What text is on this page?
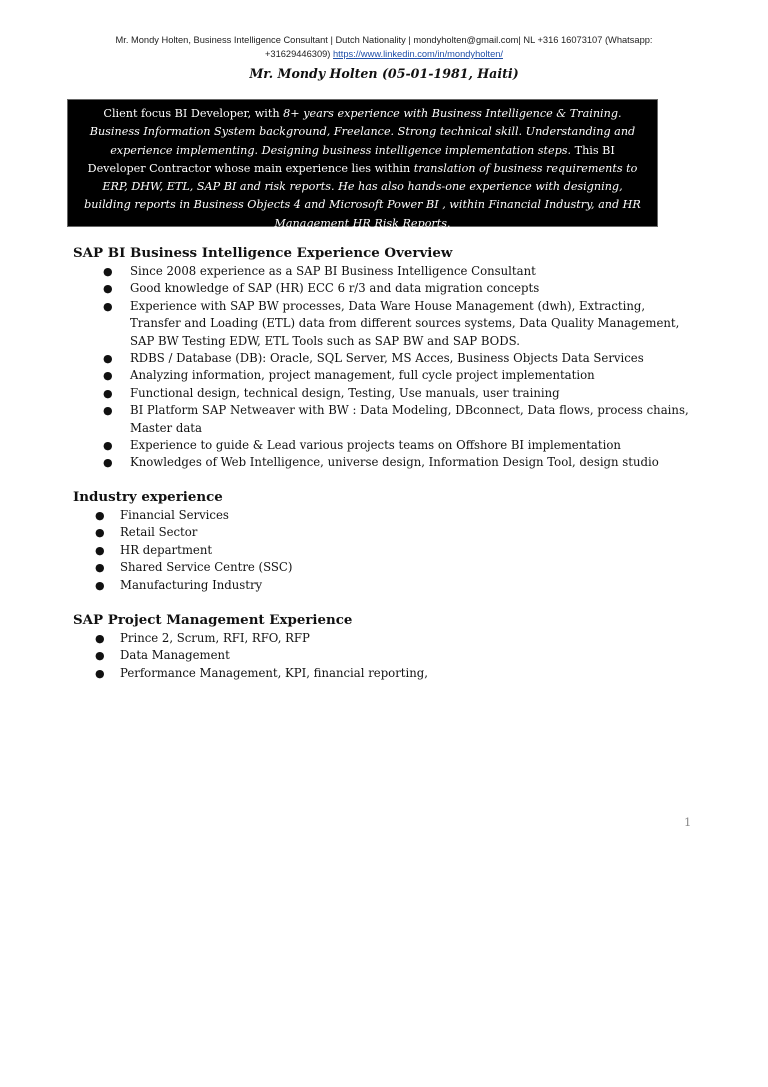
Mr. Mondy Holten, Business Intelligence Consultant | Dutch Nationality | mondyholten@gmail.com| NL +316 16073107 (Whatsapp:
+31629446309) https://www.linkedin.com/in/mondyholten/
Mr. Mondy Holten (05-01-1981, Haiti)
Client focus BI Developer, with 8+ years experience with Business Intelligence & Training.
Business Information System background, Freelance. Strong technical skill. Understanding and
experience implementing. Designing business intelligence implementation steps. This BI
Developer Contractor whose main experience lies within translation of business requirements to
ERP, DHW, ETL, SAP BI and risk reports. He has also hands-one experience with designing,
building reports in Business Objects 4 and Microsoft Power BI , within Financial Industry, and HR
Management HR Risk Reports.
SAP BI Business Intelligence Experience Overview
● Since 2008 experience as a SAP BI Business Intelligence Consultant
● Good knowledge of SAP (HR) ECC 6 r/3 and data migration concepts
● Experience with SAP BW processes, Data Ware House Management (dwh), Extracting,
Transfer and Loading (ETL) data from different sources systems, Data Quality Management,
SAP BW Testing EDW, ETL Tools such as SAP BW and SAP BODS.
● RDBS / Database (DB): Oracle, SQL Server, MS Acces, Business Objects Data Services
● Analyzing information, project management, full cycle project implementation
● Functional design, technical design, Testing, Use manuals, user training
● BI Platform SAP Netweaver with BW : Data Modeling, DBconnect, Data flows, process chains,
Master data
● Experience to guide & Lead various projects teams on Offshore BI implementation
● Knowledges of Web Intelligence, universe design, Information Design Tool, design studio
Industry experience
● Financial Services
● Retail Sector
● HR department
● Shared Service Centre (SSC)
● Manufacturing Industry
SAP Project Management Experience
● Prince 2, Scrum, RFI, RFO, RFP
● Data Management
● Performance Management, KPI, financial reporting,
1
